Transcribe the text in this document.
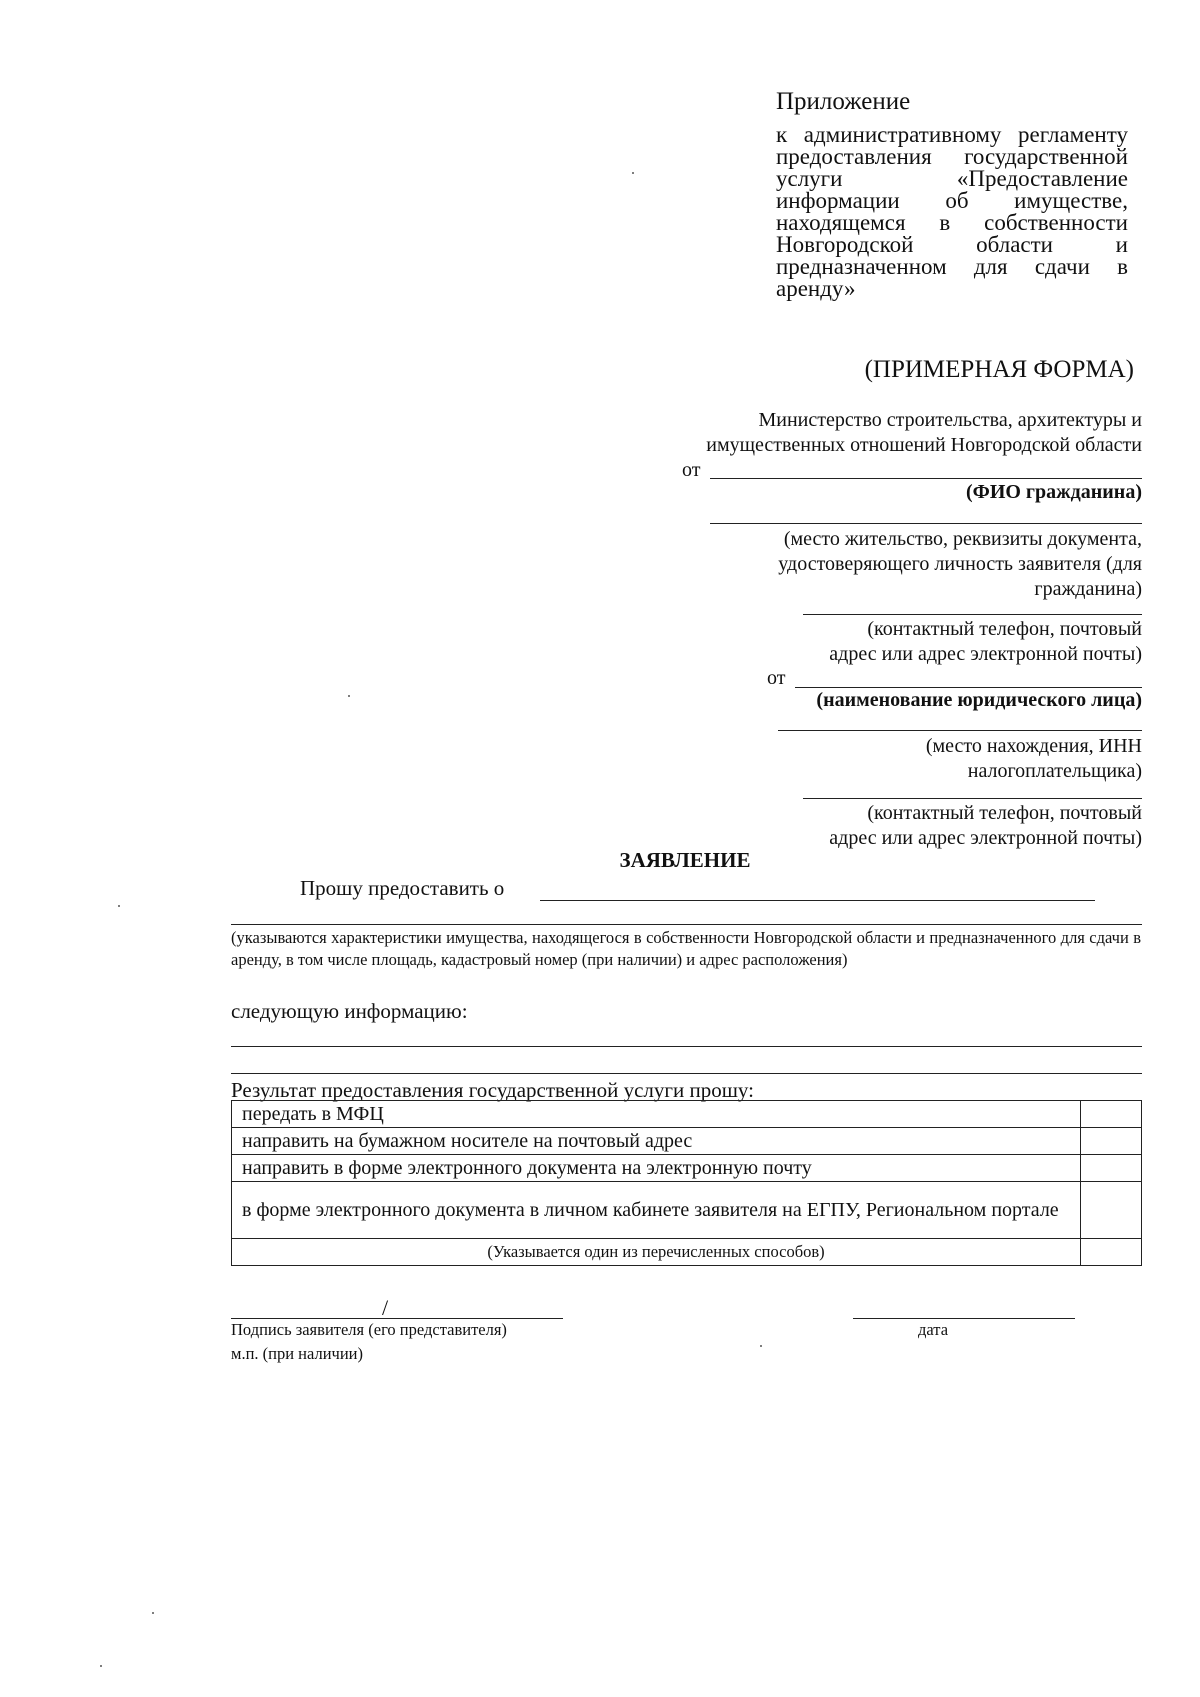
Приложение
к административному регламенту предоставления государственной услуги «Предоставление информации об имуществе, находящемся в собственности Новгородской области и предназначенном для сдачи в аренду»
(ПРИМЕРНАЯ ФОРМА)
Министерство строительства, архитектуры и
имущественных отношений Новгородской области
от
(ФИО гражданина)
(место жительство, реквизиты документа,
удостоверяющего личность заявителя (для
гражданина)
(контактный телефон, почтовый
адрес или адрес электронной почты)
от
(наименование юридического лица)
(место нахождения, ИНН
налогоплательщика)
(контактный телефон, почтовый
адрес или адрес электронной почты)
ЗАЯВЛЕНИЕ
Прошу предоставить о
(указываются характеристики имущества, находящегося в собственности Новгородской области и предназначенного для сдачи в аренду, в том числе площадь, кадастровый номер (при наличии) и адрес расположения)
следующую информацию:
Результат предоставления государственной услуги прошу:
передать в МФЦ	
направить на бумажном носителе на почтовый адрес	
направить в форме электронного документа на электронную почту	
в форме электронного документа в личном кабинете заявителя на ЕГПУ, Региональном портале	
(Указывается один из перечисленных способов)	
/
Подпись заявителя (его представителя)
м.п. (при наличии)
дата
